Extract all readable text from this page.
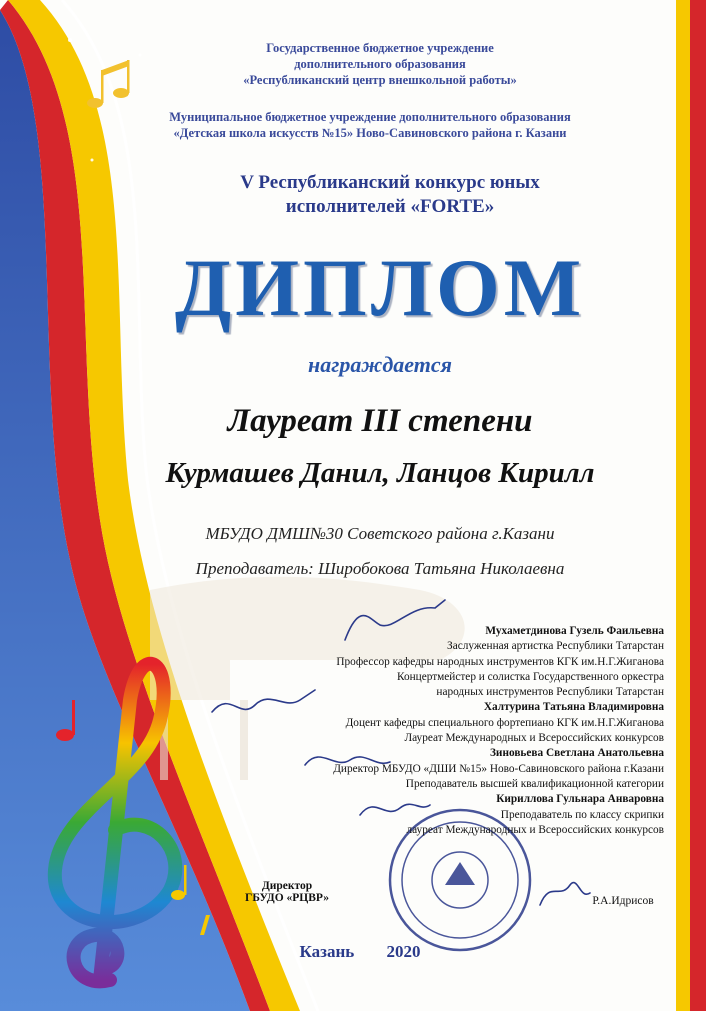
Государственное бюджетное учреждение
дополнительного образования
«Республиканский центр внешкольной работы»
Муниципальное бюджетное учреждение дополнительного образования
«Детская школа искусств №15» Ново-Савиновского района г. Казани
V Республиканский конкурс юных
исполнителей «FORTE»
ДИПЛОМ
награждается
Лауреат III степени
Курмашев Данил, Ланцов Кирилл
МБУДО ДМШ№30 Советского района г.Казани
Преподаватель: Широбокова Татьяна Николаевна
Мухаметдинова Гузель Фаильевна
Заслуженная артистка Республики Татарстан
Профессор кафедры народных инструментов КГК им.Н.Г.Жиганова
Концертмейстер и солистка Государственного оркестра
народных инструментов Республики Татарстан
Халтурина Татьяна Владимировна
Доцент кафедры специального фортепиано КГК им.Н.Г.Жиганова
Лауреат Международных и Всероссийских конкурсов
Зиновьева Светлана Анатольевна
Директор МБУДО «ДШИ №15» Ново-Савиновского района г.Казани
Преподаватель высшей квалификационной категории
Кириллова Гульнара Анваровна
Преподаватель по классу скрипки
лауреат Международных и Всероссийских конкурсов
Директор
ГБУДО «РЦВР»	Р.А.Идрисов
Казань 2020
